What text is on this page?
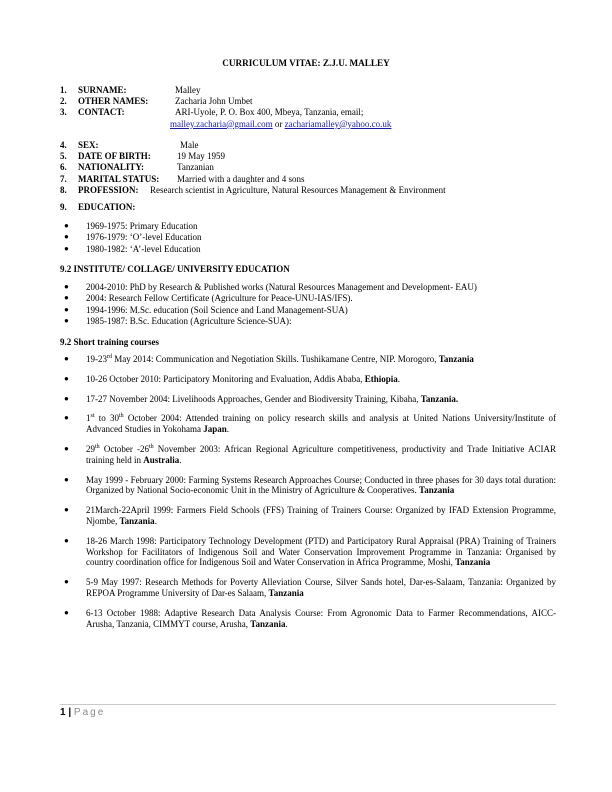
CURRICULUM VITAE: Z.J.U. MALLEY
1. SURNAME:	Malley
2. OTHER NAMES:	Zacharia John Umbet
3. CONTACT:	ARI-Uyole, P. O. Box 400, Mbeya, Tanzania, email;
malley.zacharia@gmail.com or zachariamalley@yahoo.co.uk
4. SEX:	Male
5. DATE OF BIRTH:	19 May 1959
6. NATIONALITY:	Tanzanian
7. MARITAL STATUS: Married with a daughter and 4 sons
8. PROFESSION: Research scientist in Agriculture, Natural Resources Management & Environment
9. EDUCATION:
● 1969-1975: Primary Education
● 1976-1979: ‘O’-level Education
● 1980-1982: ‘A’-level Education
9.2 INSTITUTE/ COLLAGE/ UNIVERSITY EDUCATION
● 2004-2010: PhD by Research & Published works (Natural Resources Management and Development- EAU)
● 2004: Research Fellow Certificate (Agriculture for Peace-UNU-IAS/IFS).
● 1994-1996: M.Sc. education (Soil Science and Land Management-SUA)
● 1985-1987: B.Sc. Education (Agriculture Science-SUA):
9.2 Short training courses
● 19-23rd May 2014: Communication and Negotiation Skills. Tushikamane Centre, NIP. Morogoro, Tanzania
● 10-26 October 2010: Participatory Monitoring and Evaluation, Addis Ababa, Ethiopia.
● 17-27 November 2004: Livelihoods Approaches, Gender and Biodiversity Training, Kibaha, Tanzania.
● 1st to 30th October 2004: Attended training on policy research skills and analysis at United Nations University/Institute of Advanced Studies in Yokohama Japan.
● 29th October -26th November 2003: African Regional Agriculture competitiveness, productivity and Trade Initiative ACIAR training held in Australia.
● May 1999 - February 2000: Farming Systems Research Approaches Course; Conducted in three phases for 30 days total duration: Organized by National Socio-economic Unit in the Ministry of Agriculture & Cooperatives. Tanzania
● 21March-22April 1999: Farmers Field Schools (FFS) Training of Trainers Course: Organized by IFAD Extension Programme, Njombe, Tanzania.
● 18-26 March 1998: Participatory Technology Development (PTD) and Participatory Rural Appraisal (PRA) Training of Trainers Workshop for Facilitators of Indigenous Soil and Water Conservation Improvement Programme in Tanzania: Organised by country coordination office for Indigenous Soil and Water Conservation in Africa Programme, Moshi, Tanzania
● 5-9 May 1997: Research Methods for Poverty Alleviation Course, Silver Sands hotel, Dar-es-Salaam, Tanzania: Organized by REPOA Programme University of Dar-es Salaam, Tanzania
● 6-13 October 1988: Adaptive Research Data Analysis Course: From Agronomic Data to Farmer Recommendations, AICC-Arusha, Tanzania, CIMMYT course, Arusha, Tanzania.
1 | Page
